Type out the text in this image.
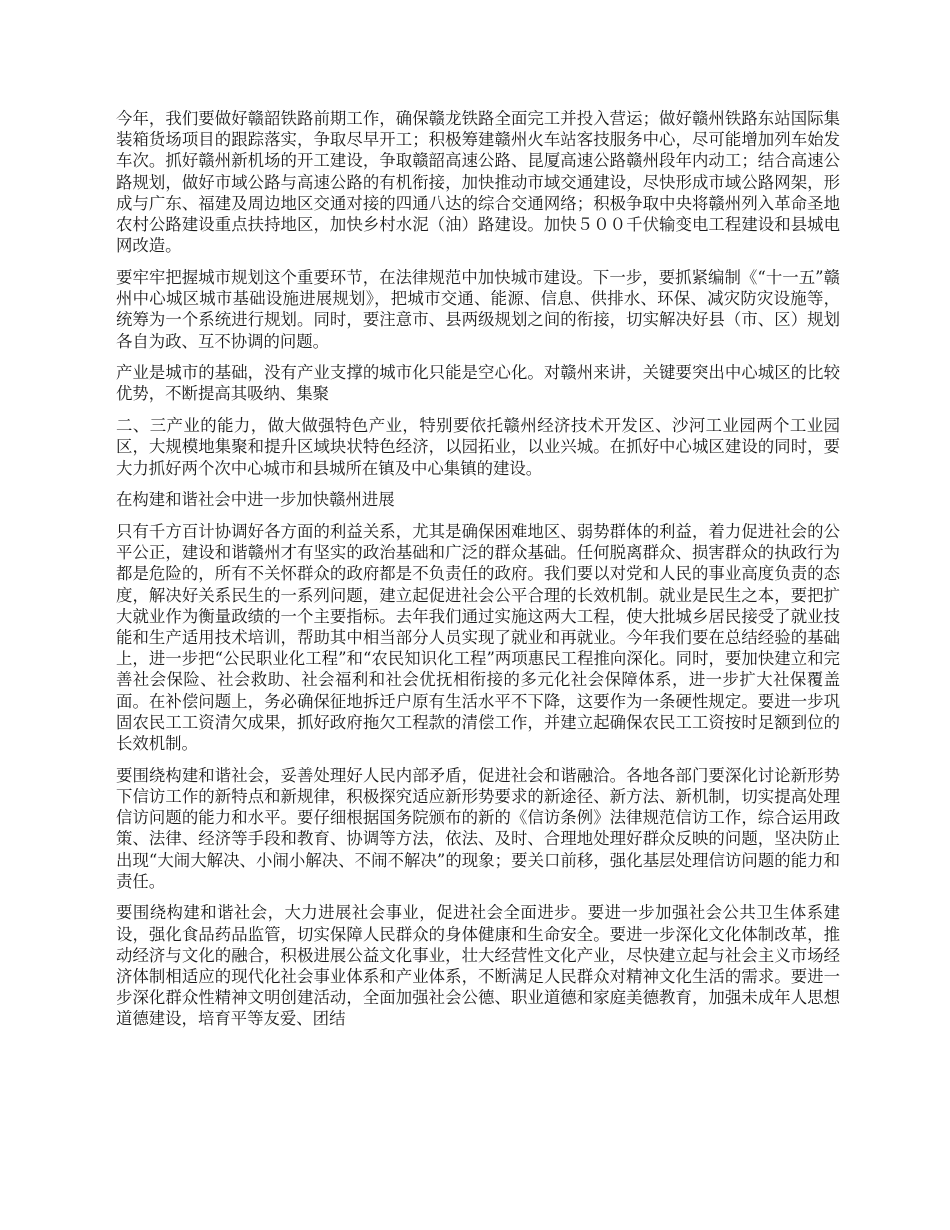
今年，我们要做好赣韶铁路前期工作，确保赣龙铁路全面完工并投入营运；做好赣州铁路东站国际集装箱货场项目的跟踪落实，争取尽早开工；积极筹建赣州火车站客技服务中心，尽可能增加列车始发车次。抓好赣州新机场的开工建设，争取赣韶高速公路、昆厦高速公路赣州段年内动工；结合高速公路规划，做好市域公路与高速公路的有机衔接，加快推动市域交通建设，尽快形成市域公路网架，形成与广东、福建及周边地区交通对接的四通八达的综合交通网络；积极争取中央将赣州列入革命圣地农村公路建设重点扶持地区，加快乡村水泥（油）路建设。加快５００千伏输变电工程建设和县城电网改造。

要牢牢把握城市规划这个重要环节，在法律规范中加快城市建设。下一步，要抓紧编制《“十一五”赣州中心城区城市基础设施进展规划》，把城市交通、能源、信息、供排水、环保、减灾防灾设施等，统筹为一个系统进行规划。同时，要注意市、县两级规划之间的衔接，切实解决好县（市、区）规划各自为政、互不协调的问题。

产业是城市的基础，没有产业支撑的城市化只能是空心化。对赣州来讲，关键要突出中心城区的比较优势，不断提高其吸纳、集聚

二、三产业的能力，做大做强特色产业，特别要依托赣州经济技术开发区、沙河工业园两个工业园区，大规模地集聚和提升区域块状特色经济，以园拓业，以业兴城。在抓好中心城区建设的同时，要大力抓好两个次中心城市和县城所在镇及中心集镇的建设。

在构建和谐社会中进一步加快赣州进展

只有千方百计协调好各方面的利益关系，尤其是确保困难地区、弱势群体的利益，着力促进社会的公平公正，建设和谐赣州才有坚实的政治基础和广泛的群众基础。任何脱离群众、损害群众的执政行为都是危险的，所有不关怀群众的政府都是不负责任的政府。我们要以对党和人民的事业高度负责的态度，解决好关系民生的一系列问题，建立起促进社会公平合理的长效机制。就业是民生之本，要把扩大就业作为衡量政绩的一个主要指标。去年我们通过实施这两大工程，使大批城乡居民接受了就业技能和生产适用技术培训，帮助其中相当部分人员实现了就业和再就业。今年我们要在总结经验的基础上，进一步把“公民职业化工程”和“农民知识化工程”两项惠民工程推向深化。同时，要加快建立和完善社会保险、社会救助、社会福利和社会优抚相衔接的多元化社会保障体系，进一步扩大社保覆盖面。在补偿问题上，务必确保征地拆迁户原有生活水平不下降，这要作为一条硬性规定。要进一步巩固农民工工资清欠成果，抓好政府拖欠工程款的清偿工作，并建立起确保农民工工资按时足额到位的长效机制。

要围绕构建和谐社会，妥善处理好人民内部矛盾，促进社会和谐融洽。各地各部门要深化讨论新形势下信访工作的新特点和新规律，积极探究适应新形势要求的新途径、新方法、新机制，切实提高处理信访问题的能力和水平。要仔细根据国务院颁布的新的《信访条例》法律规范信访工作，综合运用政策、法律、经济等手段和教育、协调等方法，依法、及时、合理地处理好群众反映的问题，坚决防止出现“大闹大解决、小闹小解决、不闹不解决”的现象；要关口前移，强化基层处理信访问题的能力和责任。

要围绕构建和谐社会，大力进展社会事业，促进社会全面进步。要进一步加强社会公共卫生体系建设，强化食品药品监管，切实保障人民群众的身体健康和生命安全。要进一步深化文化体制改革，推动经济与文化的融合，积极进展公益文化事业，壮大经营性文化产业，尽快建立起与社会主义市场经济体制相适应的现代化社会事业体系和产业体系，不断满足人民群众对精神文化生活的需求。要进一步深化群众性精神文明创建活动，全面加强社会公德、职业道德和家庭美德教育，加强未成年人思想道德建设，培育平等友爱、团结
